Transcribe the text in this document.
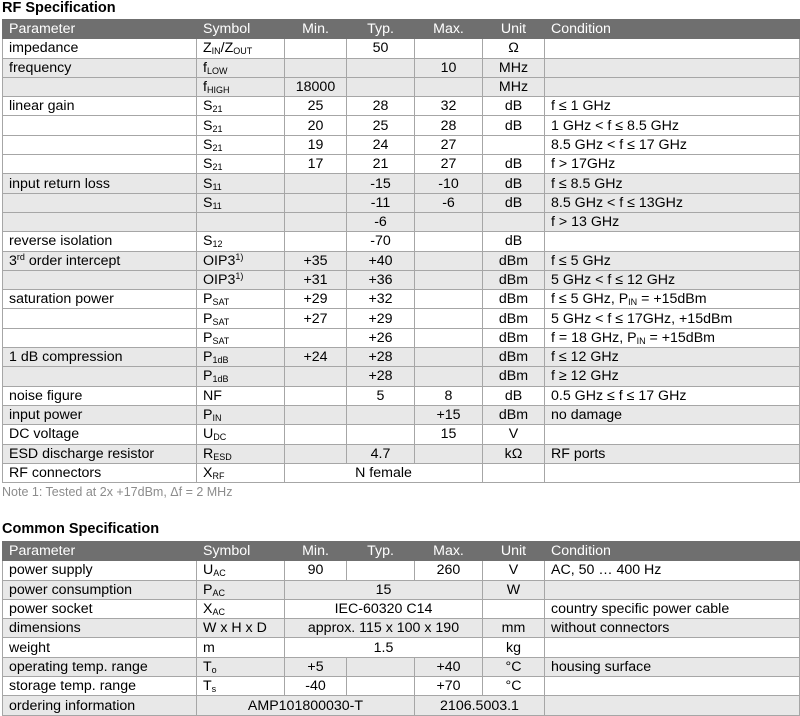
RF Specification
Parameter	Symbol	Min.	Typ.	Max.	Unit	Condition
impedance	$Z_{IN}/Z_{OUT}$		50		Ω	
frequency	$f_{LOW}$			10	MHz	
	$f_{HIGH}$	18000			MHz	
linear gain	$S_{21}$	25	28	32	dB	f ≤ 1 GHz
	$S_{21}$	20	25	28	dB	1 GHz < f ≤ 8.5 GHz
	$S_{21}$	19	24	27		8.5 GHz < f ≤ 17 GHz
	$S_{21}$	17	21	27	dB	f > 17GHz
input return loss	$S_{11}$		-15	-10	dB	f ≤ 8.5 GHz
	$S_{11}$		-11	-6	dB	8.5 GHz < f ≤ 13GHz
			-6			f > 13 GHz
reverse isolation	$S_{12}$		-70		dB	
3rd order intercept	$OIP3^{1)}$	+35	+40		dBm	f ≤ 5 GHz
	$OIP3^{1)}$	+31	+36		dBm	5 GHz < f ≤ 12 GHz
saturation power	$P_{SAT}$	+29	+32		dBm	f ≤ 5 GHz, $P_{IN} = +15dBm$
	$P_{SAT}$	+27	+29		dBm	5 GHz < f ≤ 17GHz, +15dBm
	$P_{SAT}$		+26		dBm	f = 18 GHz, $P_{IN} = +15dBm$
1 dB compression	$P_{1dB}$	+24	+28		dBm	f ≤ 12 GHz
	$P_{1dB}$		+28		dBm	f ≥ 12 GHz
noise figure	NF		5	8	dB	0.5 GHz ≤ f ≤ 17 GHz
input power	$P_{IN}$			+15	dBm	no damage
DC voltage	$U_{DC}$			15	V	
ESD discharge resistor	$R_{ESD}$		4.7		kΩ	RF ports
RF connectors	$X_{RF}$	N female				
Note 1: Tested at 2x +17dBm, Δf = 2 MHz
Common Specification
Parameter	Symbol	Min.	Typ.	Max.	Unit	Condition
power supply	$U_{AC}$	90		260	V	AC, 50 … 400 Hz
power consumption	$P_{AC}$	15			W	
power socket	$X_{AC}$	IEC-60320 C14				country specific power cable
dimensions	W x H x D	approx. 115 x 100 x 190			mm	without connectors
weight	m	1.5			kg	
operating temp. range	$T_o$	+5		+40	°C	housing surface
storage temp. range	$T_s$	-40		+70	°C	
ordering information	AMP101800030-T			2106.5003.1		
